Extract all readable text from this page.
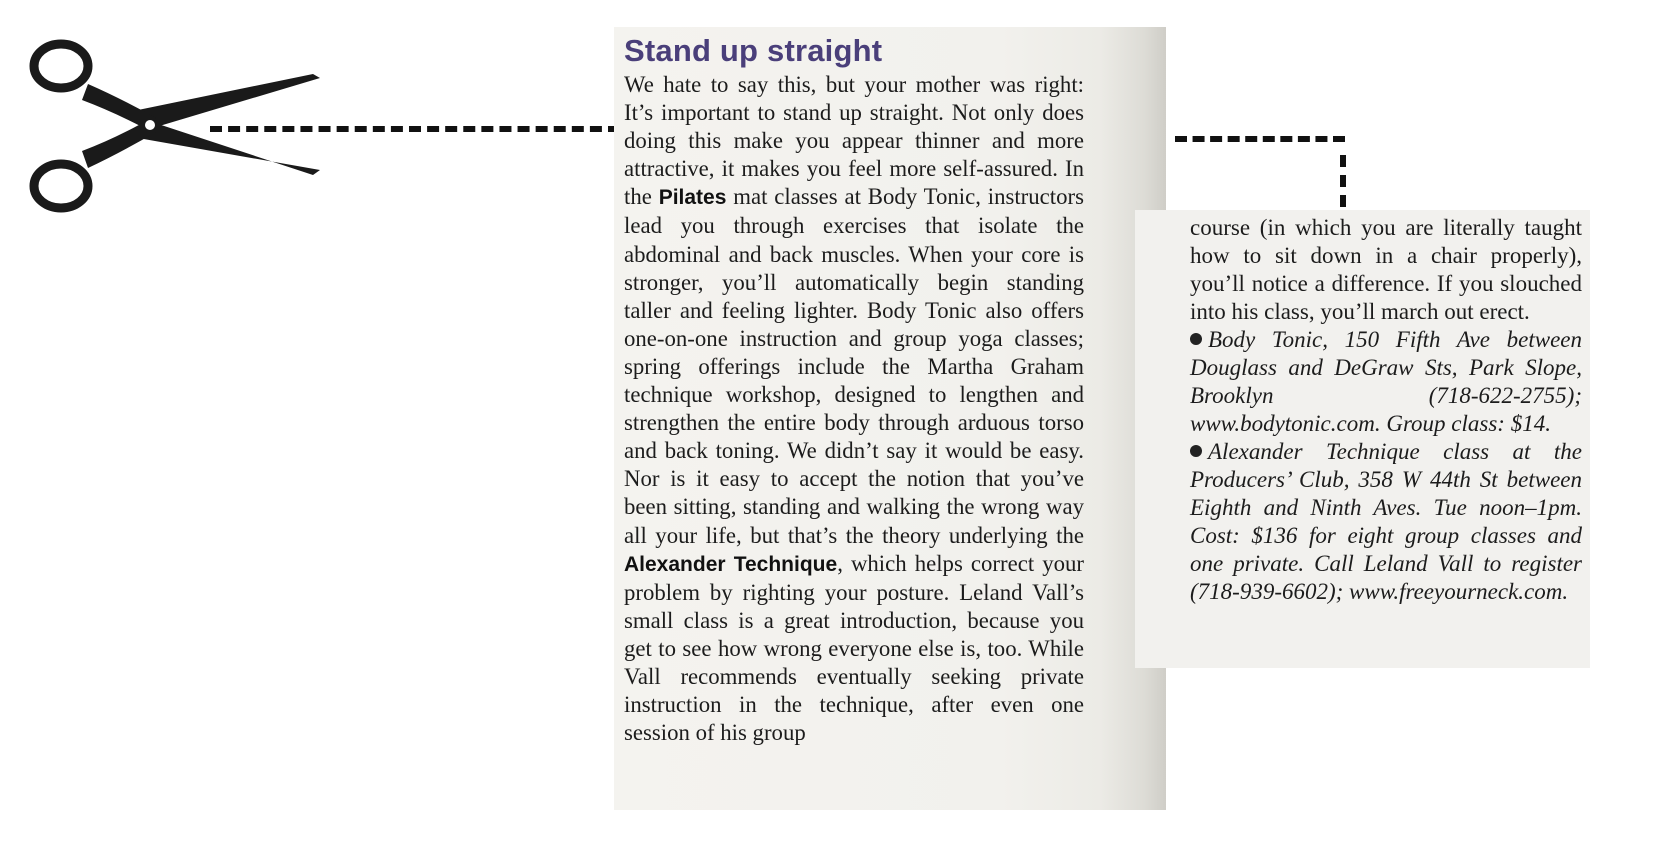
Stand up straight
We hate to say this, but your mother was right: It’s important to stand up straight. Not only does doing this make you appear thinner and more attractive, it makes you feel more self-assured. In the Pilates mat classes at Body Tonic, instructors lead you through exercises that isolate the abdominal and back muscles. When your core is stronger, you’ll automatically begin standing taller and feeling lighter. Body Tonic also offers one-on-one instruction and group yoga classes; spring offerings include the Martha Graham technique workshop, designed to lengthen and strengthen the entire body through arduous torso and back toning. We didn’t say it would be easy. Nor is it easy to accept the notion that you’ve been sitting, standing and walking the wrong way all your life, but that’s the theory underlying the Alexander Technique, which helps correct your problem by righting your posture. Leland Vall’s small class is a great introduction, because you get to see how wrong everyone else is, too. While Vall recommends eventually seeking private instruction in the technique, after even one session of his group
course (in which you are literally taught how to sit down in a chair properly), you’ll notice a difference. If you slouched into his class, you’ll march out erect.
Body Tonic, 150 Fifth Ave between Douglass and DeGraw Sts, Park Slope, Brooklyn (718-622-2755); www.bodytonic.com. Group class: $14.
Alexander Technique class at the Producers’ Club, 358 W 44th St between Eighth and Ninth Aves. Tue noon–1pm. Cost: $136 for eight group classes and one private. Call Leland Vall to register (718-939-6602); www.freeyourneck.com.
